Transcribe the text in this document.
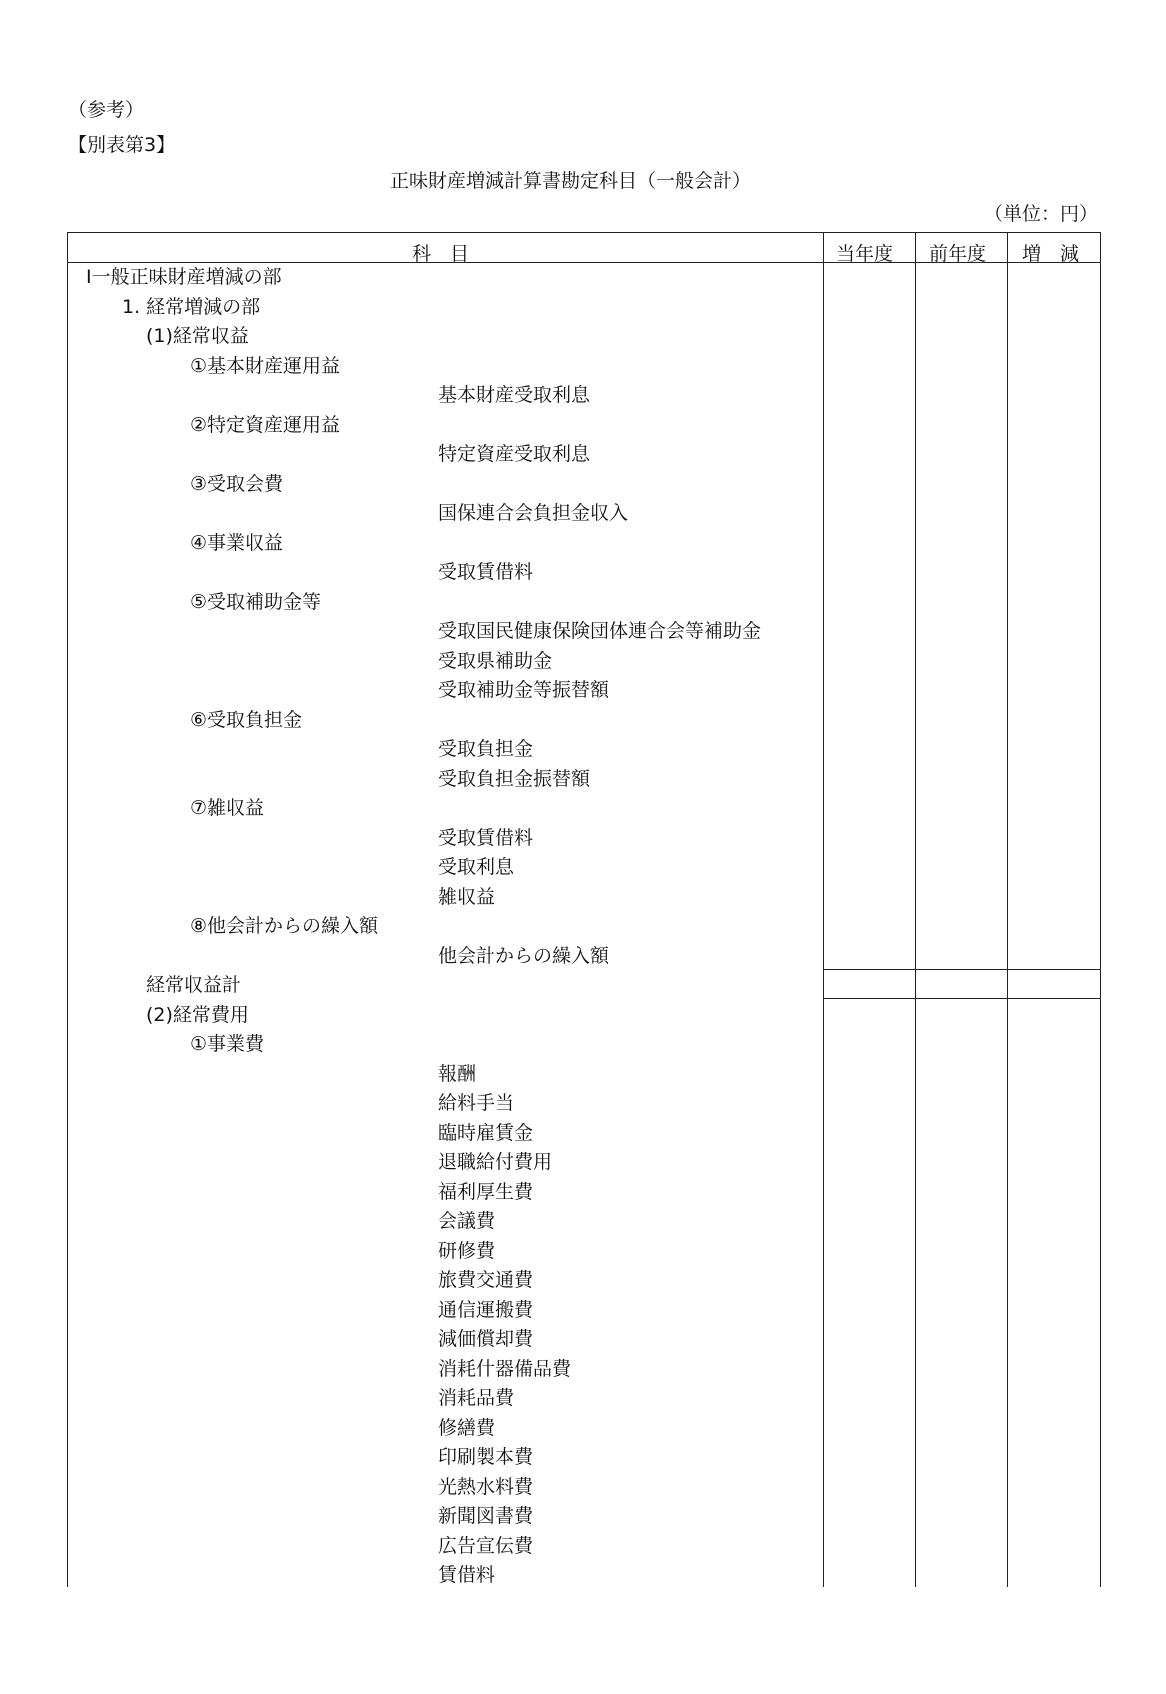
（参考）
【別表第3】
正味財産増減計算書勘定科目（一般会計）
（単位：円）
科　目	当年度 前年度 増　減
Ⅰ一般正味財産増減の部
1. 経常増減の部
(1)経常収益
①基本財産運用益
基本財産受取利息
②特定資産運用益
特定資産受取利息
③受取会費
国保連合会負担金収入
④事業収益
受取賃借料
⑤受取補助金等
受取国民健康保険団体連合会等補助金
受取県補助金
受取補助金等振替額
⑥受取負担金
受取負担金
受取負担金振替額
⑦雑収益
受取賃借料
受取利息
雑収益
⑧他会計からの繰入額
他会計からの繰入額
経常収益計
(2)経常費用
①事業費
報酬
給料手当
臨時雇賃金
退職給付費用
福利厚生費
会議費
研修費
旅費交通費
通信運搬費
減価償却費
消耗什器備品費
消耗品費
修繕費
印刷製本費
光熱水料費
新聞図書費
広告宣伝費
賃借料
